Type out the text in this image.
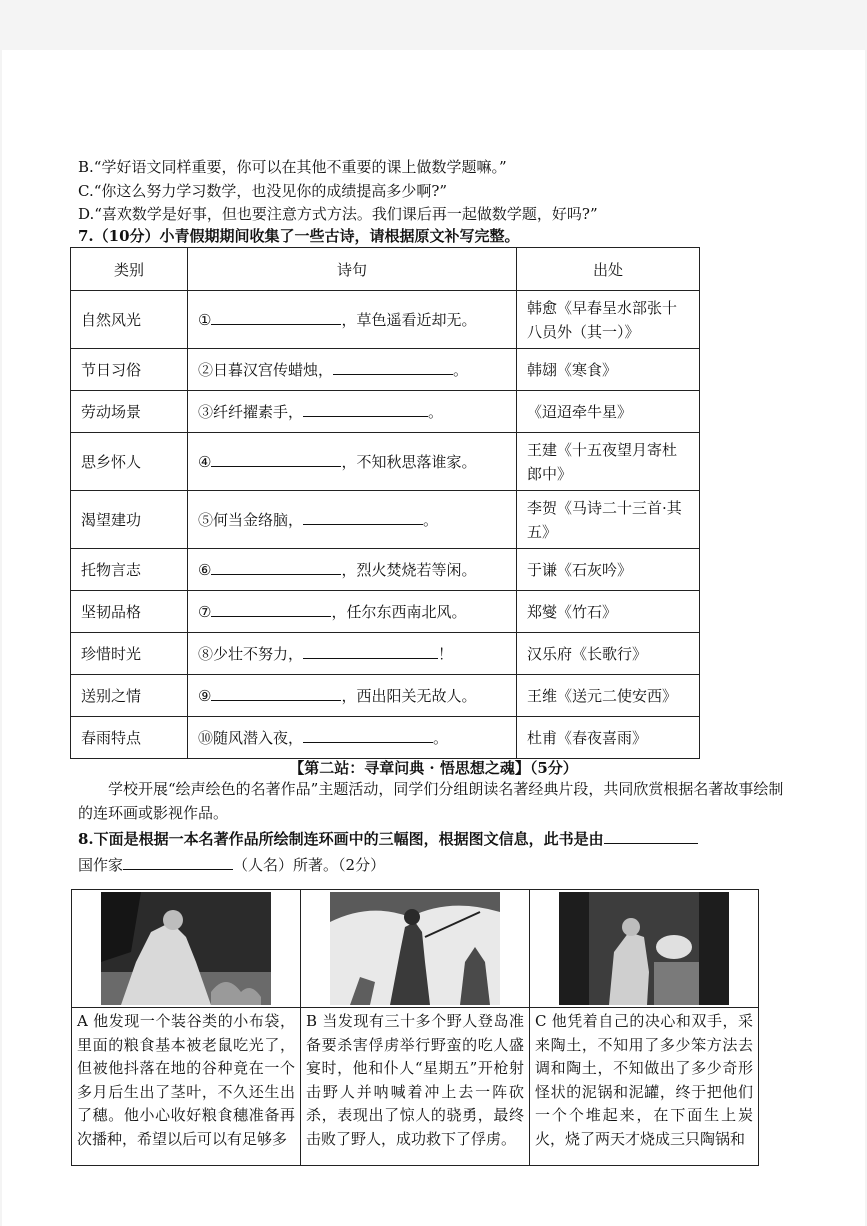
B.“学好语文同样重要，你可以在其他不重要的课上做数学题嘛。”
C.“你这么努力学习数学，也没见你的成绩提高多少啊?”
D.“喜欢数学是好事，但也要注意方式方法。我们课后再一起做数学题，好吗?”
7.（10分）小青假期期间收集了一些古诗，请根据原文补写完整。
类别	诗句	出处
自然风光	① ，草色遥看近却无。	韩愈《早春呈水部张十八员外（其一）》
节日习俗	②日暮汉宫传蜡烛， 。	韩翃《寒食》
劳动场景	③纤纤擢素手， 。	《迢迢牵牛星》
思乡怀人	④ ，不知秋思落谁家。	王建《十五夜望月寄杜郎中》
渴望建功	⑤何当金络脑， 。	李贺《马诗二十三首·其五》
托物言志	⑥ ，烈火焚烧若等闲。	于谦《石灰吟》
坚韧品格	⑦ ，任尔东西南北风。	郑燮《竹石》
珍惜时光	⑧少壮不努力， ！	汉乐府《长歌行》
送别之情	⑨ ，西出阳关无故人。	王维《送元二使安西》
春雨特点	⑩随风潜入夜， 。	杜甫《春夜喜雨》
【第二站：寻章问典 · 悟思想之魂】（5分）
学校开展“绘声绘色的名著作品”主题活动，同学们分组朗读名著经典片段，共同欣赏根据名著故事绘制的连环画或影视作品。
8.下面是根据一本名著作品所绘制连环画中的三幅图，根据图文信息，此书是由
国作家	（人名）所著。（2分）
A 他发现一个装谷类的小布袋，里面的粮食基本被老鼠吃光了，但被他抖落在地的谷种竟在一个多月后生出了茎叶，不久还生出了穗。他小心收好粮食穗准备再次播种，希望以后可以有足够多
B 当发现有三十多个野人登岛准备要杀害俘虏举行野蛮的吃人盛宴时，他和仆人“星期五”开枪射击野人并呐喊着冲上去一阵砍杀，表现出了惊人的骁勇，最终击败了野人，成功救下了俘虏。
C 他凭着自己的决心和双手，采来陶土，不知用了多少笨方法去调和陶土，不知做出了多少奇形怪状的泥锅和泥罐，终于把他们一个个堆起来，在下面生上炭火，烧了两天才烧成三只陶锅和
